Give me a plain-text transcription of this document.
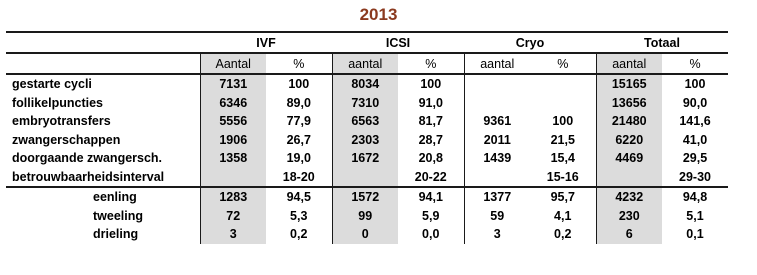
2013
	IVF		ICSI		Cryo		Totaal	
	Aantal	%	aantal	%	aantal	%	aantal	%
gestarte cycli	7131	100	8034	100			15165	100
follikelpuncties	6346	89,0	7310	91,0			13656	90,0
embryotransfers	5556	77,9	6563	81,7	9361	100	21480	141,6
zwangerschappen	1906	26,7	2303	28,7	2011	21,5	6220	41,0
doorgaande zwangersch.	1358	19,0	1672	20,8	1439	15,4	4469	29,5
betrouwbaarheidsinterval		18-20		20-22		15-16		29-30
eenling	1283	94,5	1572	94,1	1377	95,7	4232	94,8
tweeling	72	5,3	99	5,9	59	4,1	230	5,1
drieling	3	0,2	0	0,0	3	0,2	6	0,1
